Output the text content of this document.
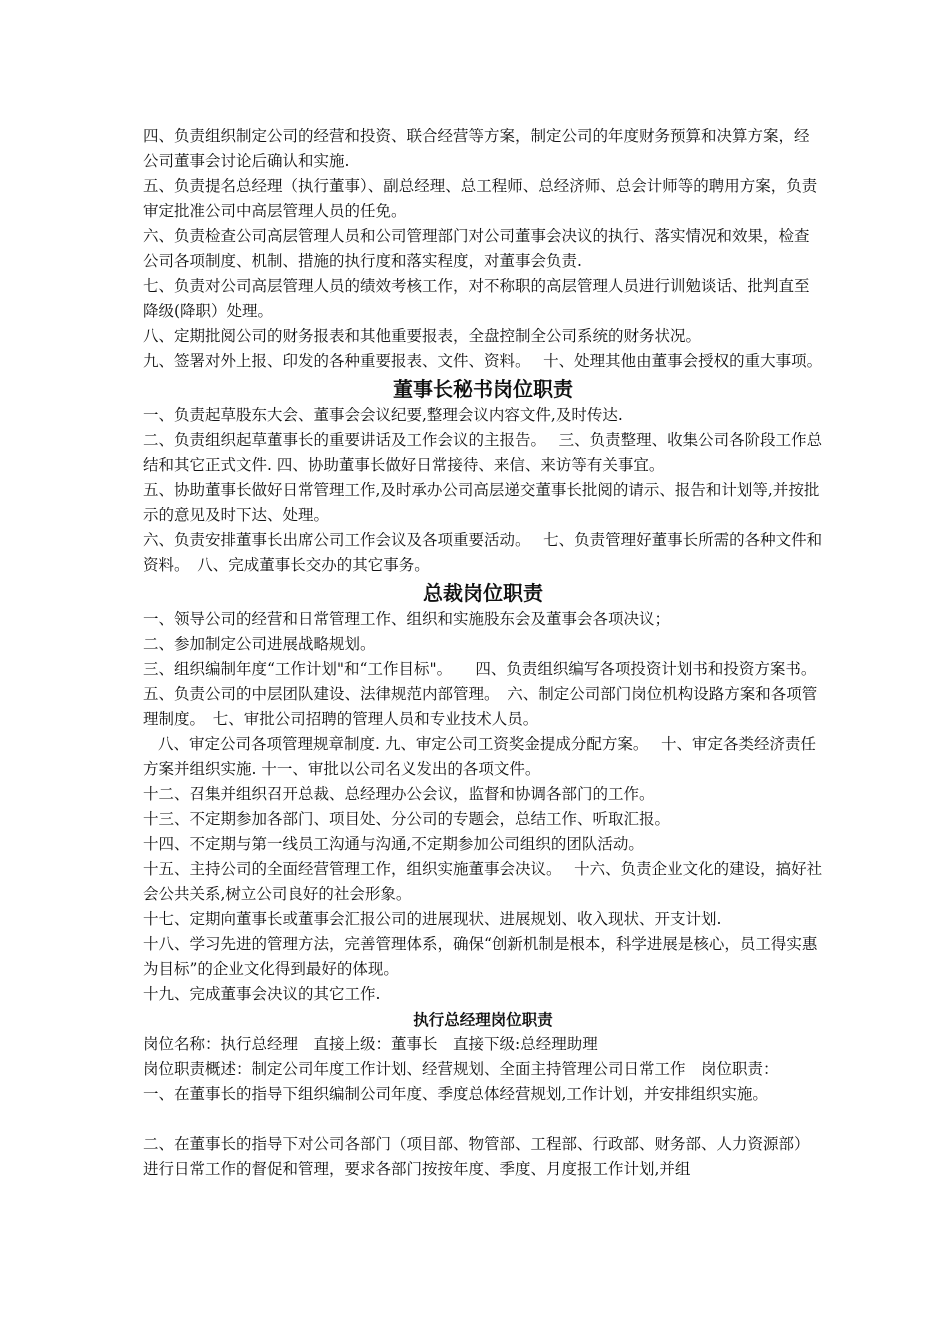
四、负责组织制定公司的经营和投资、联合经营等方案，制定公司的年度财务预算和决算方案，经公司董事会讨论后确认和实施.

五、负责提名总经理（执行董事）、副总经理、总工程师、总经济师、总会计师等的聘用方案，负责审定批准公司中高层管理人员的任免。

六、负责检查公司高层管理人员和公司管理部门对公司董事会决议的执行、落实情况和效果，检查公司各项制度、机制、措施的执行度和落实程度，对董事会负责.

七、负责对公司高层管理人员的绩效考核工作，对不称职的高层管理人员进行训勉谈话、批判直至降级(降职）处理。

八、定期批阅公司的财务报表和其他重要报表，全盘控制全公司系统的财务状况。

九、签署对外上报、印发的各种重要报表、文件、资料。　 十、处理其他由董事会授权的重大事项。

董事长秘书岗位职责

一、负责起草股东大会、董事会会议纪要,整理会议内容文件,及时传达.

二、负责组织起草董事长的重要讲话及工作会议的主报告。　 三、负责整理、收集公司各阶段工作总结和其它正式文件. 四、协助董事长做好日常接待、来信、来访等有关事宜。

五、协助董事长做好日常管理工作,及时承办公司高层递交董事长批阅的请示、报告和计划等,并按批示的意见及时下达、处理。

六、负责安排董事长出席公司工作会议及各项重要活动。　 七、负责管理好董事长所需的各种文件和资料。　八、完成董事长交办的其它事务。

总裁岗位职责

一、领导公司的经营和日常管理工作、组织和实施股东会及董事会各项决议；

二、参加制定公司进展战略规划。

三、组织编制年度“工作计划"和“工作目标"。　　四、负责组织编写各项投资计划书和投资方案书。　五、负责公司的中层团队建设、法律规范内部管理。　六、制定公司部门岗位机构设路方案和各项管理制度。　七、审批公司招聘的管理人员和专业技术人员。

八、审定公司各项管理规章制度. 九、审定公司工资奖金提成分配方案。　 十、审定各类经济责任方案并组织实施. 十一、审批以公司名义发出的各项文件。

十二、召集并组织召开总裁、总经理办公会议，监督和协调各部门的工作。

十三、不定期参加各部门、项目处、分公司的专题会，总结工作、听取汇报。

十四、不定期与第一线员工沟通与沟通,不定期参加公司组织的团队活动。

十五、主持公司的全面经营管理工作，组织实施董事会决议。　 十六、负责企业文化的建设，搞好社会公共关系,树立公司良好的社会形象。

十七、定期向董事长或董事会汇报公司的进展现状、进展规划、收入现状、开支计划.

十八、学习先进的管理方法，完善管理体系，确保“创新机制是根本，科学进展是核心，员工得实惠为目标”的企业文化得到最好的体现。

十九、完成董事会决议的其它工作.

执行总经理岗位职责

岗位名称：执行总经理　直接上级：董事长　直接下级:总经理助理

岗位职责概述：制定公司年度工作计划、经营规划、全面主持管理公司日常工作　岗位职责：

一、在董事长的指导下组织编制公司年度、季度总体经营规划,工作计划，并安排组织实施。

二、在董事长的指导下对公司各部门（项目部、物管部、工程部、行政部、财务部、人力资源部）进行日常工作的督促和管理，要求各部门按按年度、季度、月度报工作计划,并组
